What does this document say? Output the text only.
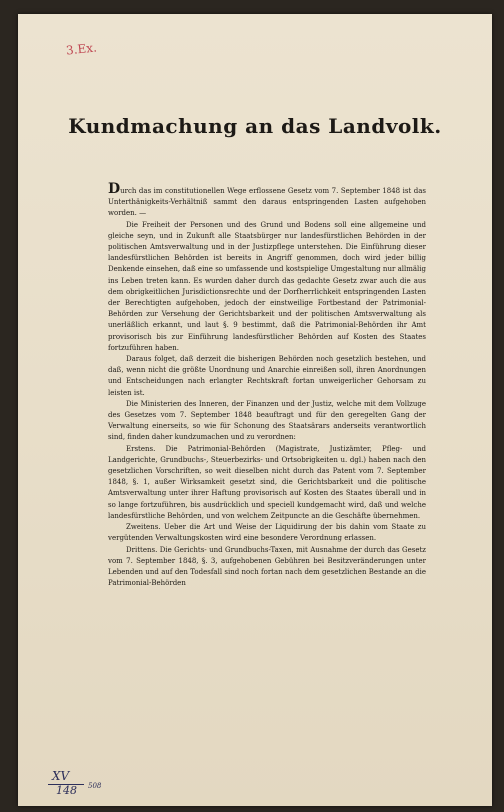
3.Ex.
Kundmachung an das Landvolk.

Durch das im constitutionellen Wege erflossene Gesetz vom 7. September 1848 ist das Unterthänigkeits-Verhältniß sammt den daraus entspringenden Lasten aufgehoben worden. —

Die Freiheit der Personen und des Grund und Bodens soll eine allgemeine und gleiche seyn, und in Zukunft alle Staatsbürger nur landesfürstlichen Behörden in der politischen Amtsverwaltung und in der Justizpflege unterstehen. Die Einführung dieser landesfürstlichen Behörden ist bereits in Angriff genommen, doch wird jeder billig Denkende einsehen, daß eine so umfassende und kostspielige Umgestaltung nur allmälig ins Leben treten kann. Es wurden daher durch das gedachte Gesetz zwar auch die aus dem obrigkeitlichen Jurisdictionsrechte und der Dorfherrlichkeit entspringenden Lasten der Berechtigten aufgehoben, jedoch der einstweilige Fortbestand der Patrimonial-Behörden zur Versehung der Gerichtsbarkeit und der politischen Amtsverwaltung als unerläßlich erkannt, und laut §. 9 bestimmt, daß die Patrimonial-Behörden ihr Amt provisorisch bis zur Einführung landesfürstlicher Behörden auf Kosten des Staates fortzuführen haben.

Daraus folget, daß derzeit die bisherigen Behörden noch gesetzlich bestehen, und daß, wenn nicht die größte Unordnung und Anarchie einreißen soll, ihren Anordnungen und Entscheidungen nach erlangter Rechtskraft fortan unweigerlicher Gehorsam zu leisten ist.

Die Ministerien des Inneren, der Finanzen und der Justiz, welche mit dem Vollzuge des Gesetzes vom 7. September 1848 beauftragt und für den geregelten Gang der Verwaltung einerseits, so wie für Schonung des Staatsärars anderseits verantwortlich sind, finden daher kundzumachen und zu verordnen:

Erstens. Die Patrimonial-Behörden (Magistrate, Justizämter, Pfleg- und Landgerichte, Grundbuchs-, Steuerbezirks- und Ortsobrigkeiten u. dgl.) haben nach den gesetzlichen Vorschriften, so weit dieselben nicht durch das Patent vom 7. September 1848, §. 1, außer Wirksamkeit gesetzt sind, die Gerichtsbarkeit und die politische Amtsverwaltung unter ihrer Haftung provisorisch auf Kosten des Staates überall und in so lange fortzuführen, bis ausdrücklich und speciell kundgemacht wird, daß und welche landesfürstliche Behörden, und von welchem Zeitpuncte an die Geschäfte übernehmen.

Zweitens. Ueber die Art und Weise der Liquidirung der bis dahin vom Staate zu vergütenden Verwaltungskosten wird eine besondere Verordnung erlassen.

Drittens. Die Gerichts- und Grundbuchs-Taxen, mit Ausnahme der durch das Gesetz vom 7. September 1848, §. 3, aufgehobenen Gebühren bei Besitzveränderungen unter Lebenden und auf den Todesfall sind noch fortan nach dem gesetzlichen Bestande an die Patrimonial-Behörden

XV
148 508
